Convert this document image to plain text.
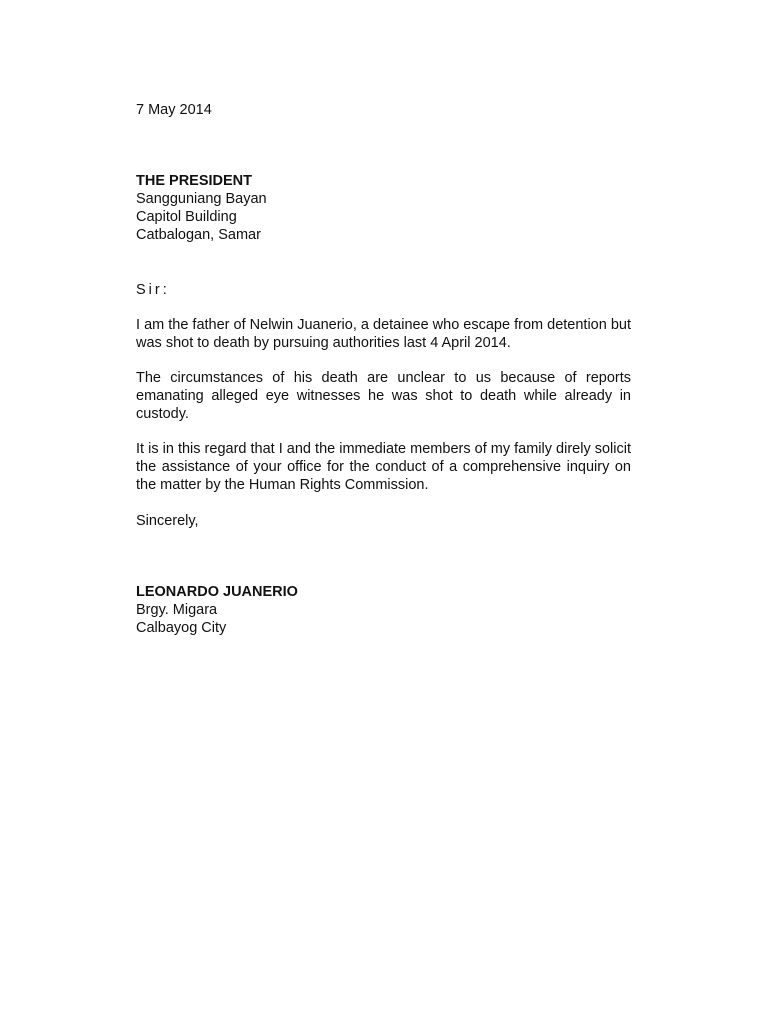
7 May 2014
THE PRESIDENT
Sangguniang Bayan
Capitol Building
Catbalogan, Samar
Sir:

I am the father of Nelwin Juanerio, a detainee who escape from detention but was shot to death by pursuing authorities last 4 April 2014.

The circumstances of his death are unclear to us because of reports emanating alleged eye witnesses he was shot to death while already in custody.

It is in this regard that I and the immediate members of my family direly solicit the assistance of your office for the conduct of a comprehensive inquiry on the matter by the Human Rights Commission.

Sincerely,
LEONARDO JUANERIO
Brgy. Migara
Calbayog City
